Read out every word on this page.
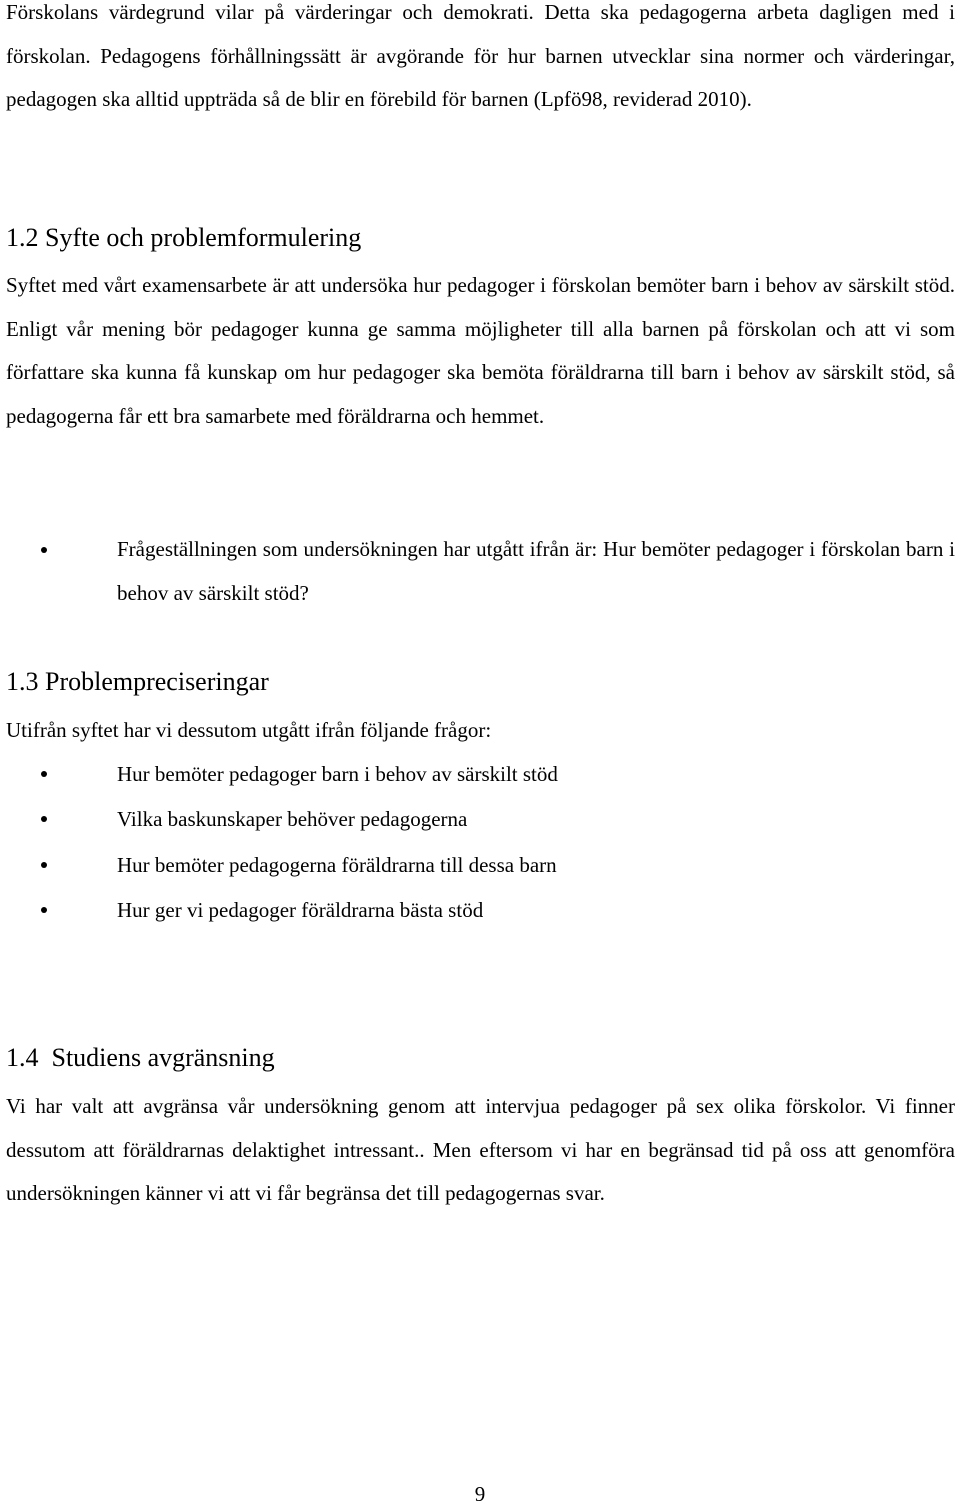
Förskolans värdegrund vilar på värderingar och demokrati. Detta ska pedagogerna arbeta dagligen med i förskolan. Pedagogens förhållningssätt är avgörande för hur barnen utvecklar sina normer och värderingar, pedagogen ska alltid uppträda så de blir en förebild för barnen (Lpfö98, reviderad 2010).

1.2 Syfte och problemformulering

Syftet med vårt examensarbete är att undersöka hur pedagoger i förskolan bemöter barn i behov av särskilt stöd. Enligt vår mening bör pedagoger kunna ge samma möjligheter till alla barnen på förskolan och att vi som författare ska kunna få kunskap om hur pedagoger ska bemöta föräldrarna till barn i behov av särskilt stöd, så pedagogerna får ett bra samarbete med föräldrarna och hemmet.

Frågeställningen som undersökningen har utgått ifrån är: Hur bemöter pedagoger i förskolan barn i behov av särskilt stöd?
1.3 Problempreciseringar

Utifrån syftet har vi dessutom utgått ifrån följande frågor:

Hur bemöter pedagoger barn i behov av särskilt stöd
Vilka baskunskaper behöver pedagogerna
Hur bemöter pedagogerna föräldrarna till dessa barn
Hur ger vi pedagoger föräldrarna bästa stöd
1.4  Studiens avgränsning

Vi har valt att avgränsa vår undersökning genom att intervjua pedagoger på sex olika förskolor. Vi finner dessutom att föräldrarnas delaktighet intressant.. Men eftersom vi har en begränsad tid på oss att genomföra undersökningen känner vi att vi får begränsa det till pedagogernas svar.

9
